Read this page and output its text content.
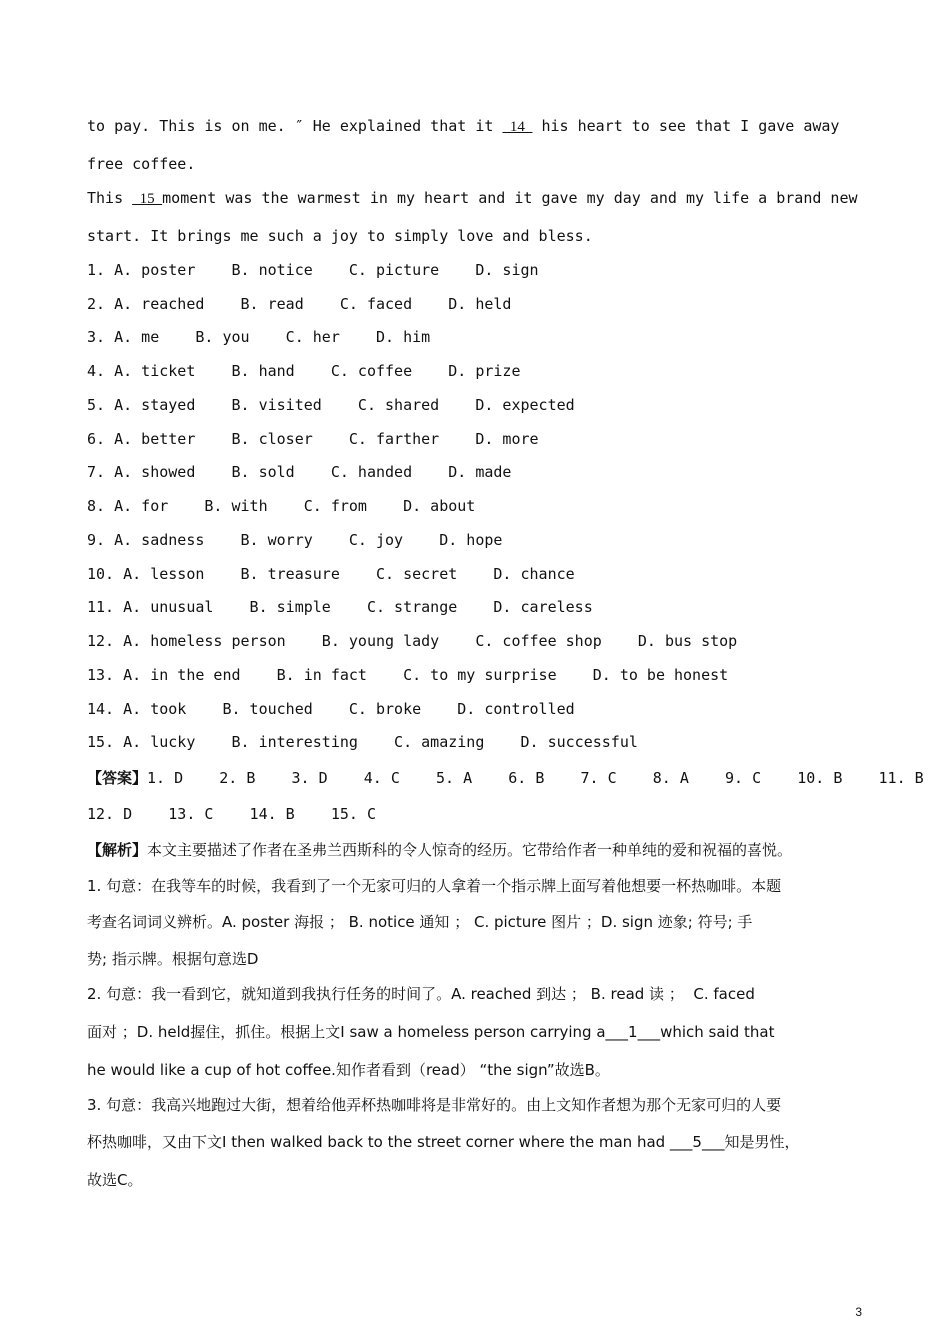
to pay. This is on me. ″ He explained that it   14   his heart to see that I gave away
free coffee.
This   15  moment was the warmest in my heart and it gave my day and my life a brand new
start. It brings me such a joy to simply love and bless.
1. A. poster    B. notice    C. picture    D. sign
2. A. reached    B. read    C. faced    D. held
3. A. me    B. you    C. her    D. him
4. A. ticket    B. hand    C. coffee    D. prize
5. A. stayed    B. visited    C. shared    D. expected
6. A. better    B. closer    C. farther    D. more
7. A. showed    B. sold    C. handed    D. made
8. A. for    B. with    C. from    D. about
9. A. sadness    B. worry    C. joy    D. hope
10. A. lesson    B. treasure    C. secret    D. chance
11. A. unusual    B. simple    C. strange    D. careless
12. A. homeless person    B. young lady    C. coffee shop    D. bus stop
13. A. in the end    B. in fact    C. to my surprise    D. to be honest
14. A. took    B. touched    C. broke    D. controlled
15. A. lucky    B. interesting    C. amazing    D. successful
【答案】1. D    2. B    3. D    4. C    5. A    6. B    7. C    8. A    9. C    10. B    11. B
12. D    13. C    14. B    15. C
【解析】本文主要描述了作者在圣弗兰西斯科的令人惊奇的经历。它带给作者一种单纯的爱和祝福的喜悦。
1. 句意：在我等车的时候，我看到了一个无家可归的人拿着一个指示牌上面写着他想要一杯热咖啡。本题
考查名词词义辨析。A. poster 海报 ； B. notice 通知 ； C. picture 图片 ；D. sign 迹象; 符号; 手
势; 指示牌。根据句意选D
2. 句意：我一看到它，就知道到我执行任务的时间了。A. reached 到达 ； B. read 读 ；  C. faced
面对 ；D. held握住，抓住。根据上文I saw a homeless person carrying a___1___which said that
he would like a cup of hot coffee.知作者看到（read） “the sign”故选B。
3. 句意：我高兴地跑过大街，想着给他弄杯热咖啡将是非常好的。由上文知作者想为那个无家可归的人要
杯热咖啡，又由下文I then walked back to the street corner where the man had ___5___知是男性，
故选C。
3
